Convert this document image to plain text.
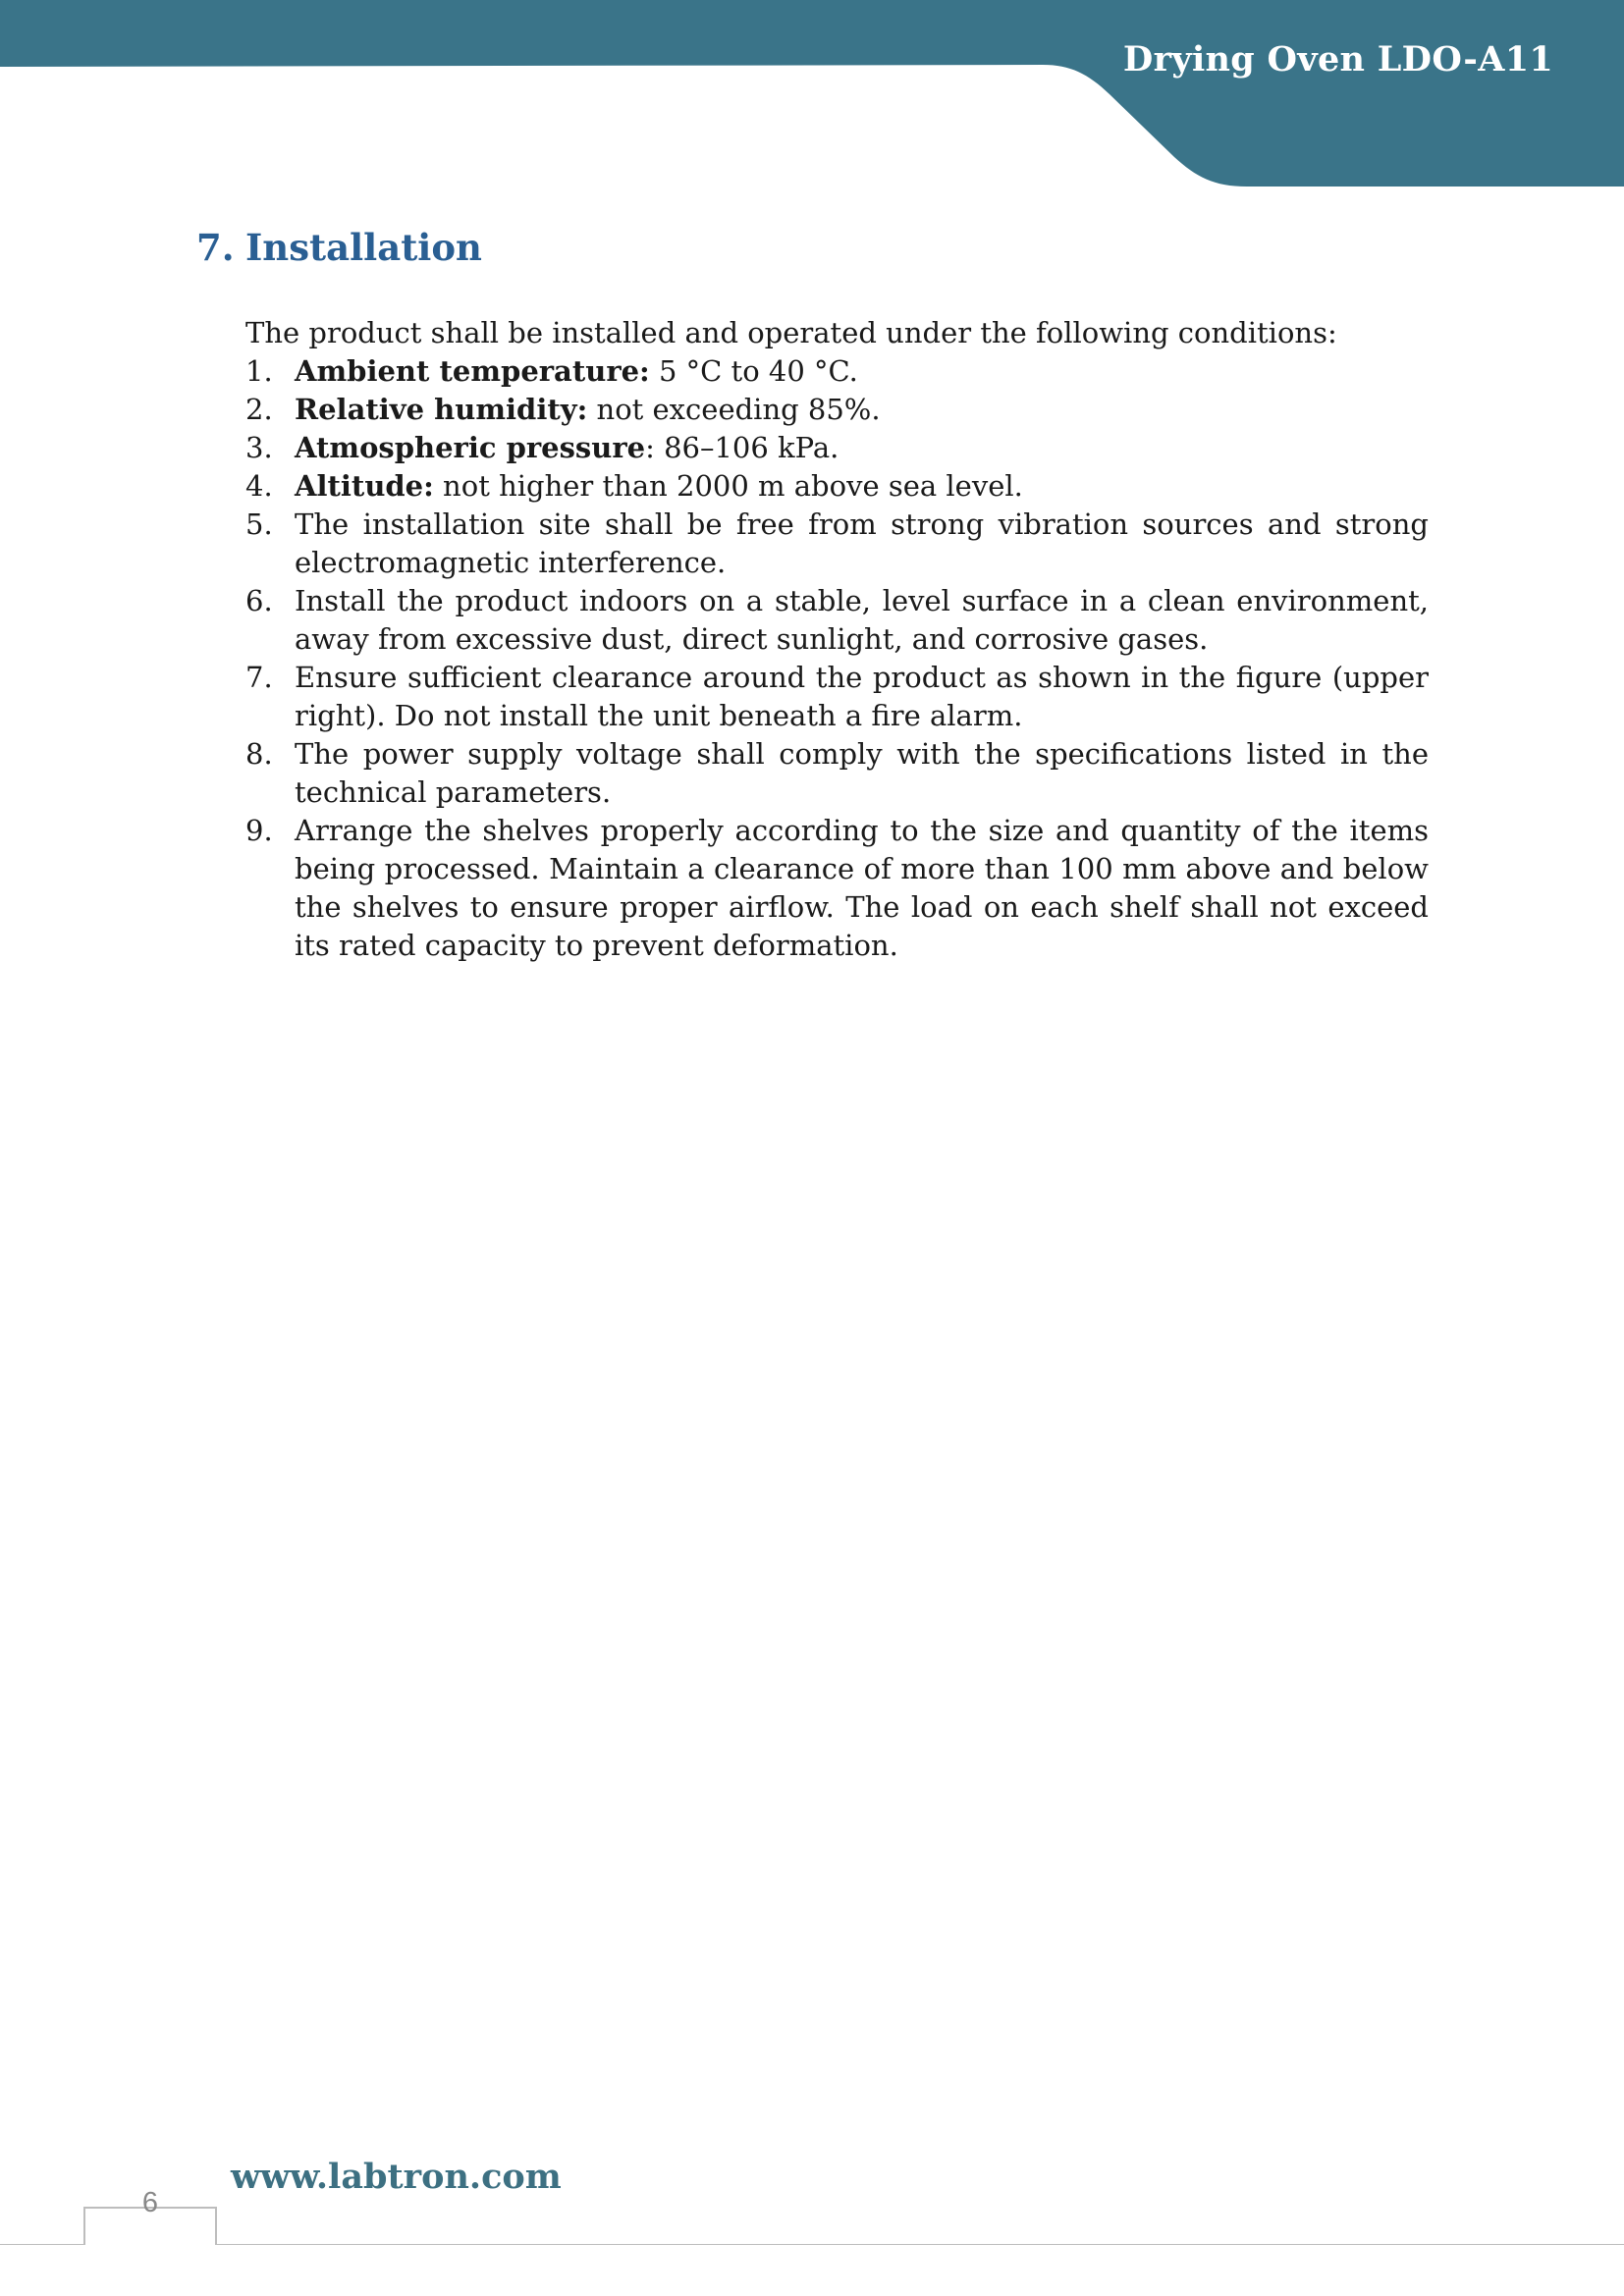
Drying Oven LDO-A11
7. Installation
The product shall be installed and operated under the following conditions:
1. Ambient temperature: 5 °C to 40 °C.
2. Relative humidity: not exceeding 85%.
3. Atmospheric pressure: 86–106 kPa.
4. Altitude: not higher than 2000 m above sea level.
5. The installation site shall be free from strong vibration sources and strong electromagnetic interference.
6. Install the product indoors on a stable, level surface in a clean environment, away from excessive dust, direct sunlight, and corrosive gases.
7. Ensure sufficient clearance around the product as shown in the figure (upper right). Do not install the unit beneath a fire alarm.
8. The power supply voltage shall comply with the specifications listed in the technical parameters.
9. Arrange the shelves properly according to the size and quantity of the items being processed. Maintain a clearance of more than 100 mm above and below the shelves to ensure proper airflow. The load on each shelf shall not exceed its rated capacity to prevent deformation.
www.labtron.com
6
